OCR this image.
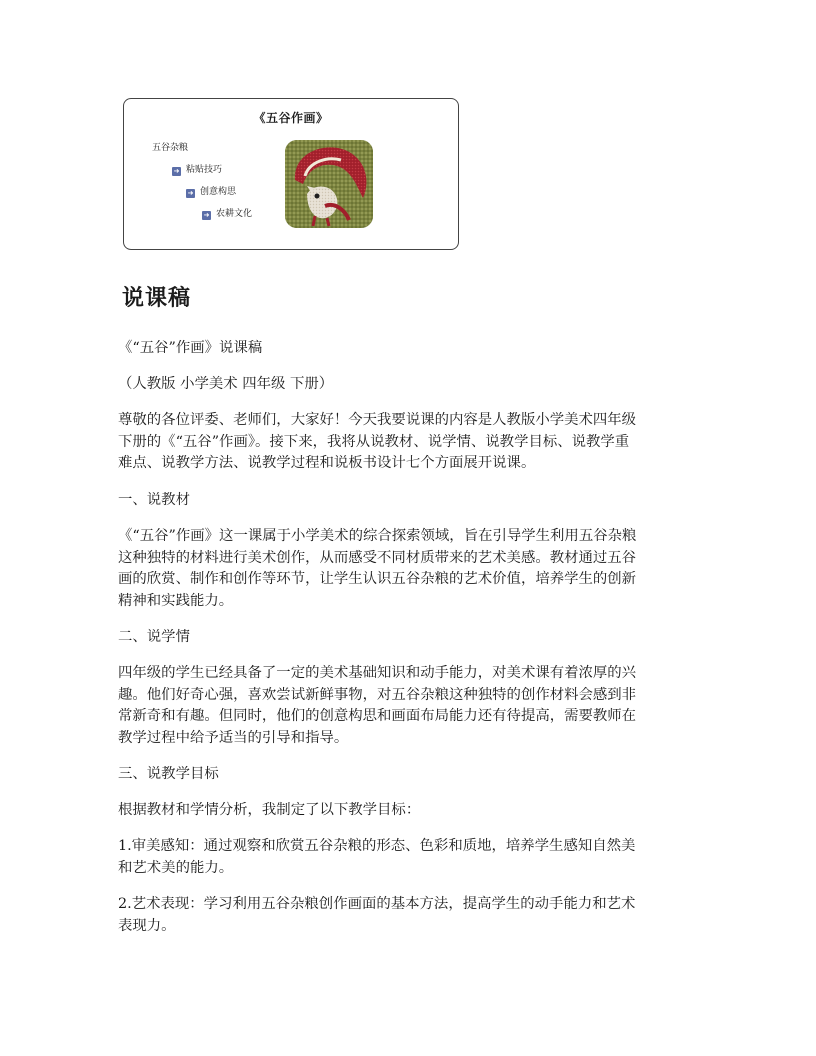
《五谷作画》
五谷杂粮
➜ 粘贴技巧
➜ 创意构思
➜ 农耕文化
说课稿

《“五谷”作画》说课稿

（人教版 小学美术 四年级 下册）

尊敬的各位评委、老师们，大家好！今天我要说课的内容是人教版小学美术四年级

下册的《“五谷”作画》。接下来，我将从说教材、说学情、说教学目标、说教学重

难点、说教学方法、说教学过程和说板书设计七个方面展开说课。

一、说教材

《“五谷”作画》这一课属于小学美术的综合探索领域，旨在引导学生利用五谷杂粮

这种独特的材料进行美术创作，从而感受不同材质带来的艺术美感。教材通过五谷

画的欣赏、制作和创作等环节，让学生认识五谷杂粮的艺术价值，培养学生的创新

精神和实践能力。

二、说学情

四年级的学生已经具备了一定的美术基础知识和动手能力，对美术课有着浓厚的兴

趣。他们好奇心强，喜欢尝试新鲜事物，对五谷杂粮这种独特的创作材料会感到非

常新奇和有趣。但同时，他们的创意构思和画面布局能力还有待提高，需要教师在

教学过程中给予适当的引导和指导。

三、说教学目标

根据教材和学情分析，我制定了以下教学目标：

1.审美感知：通过观察和欣赏五谷杂粮的形态、色彩和质地，培养学生感知自然美

和艺术美的能力。

2.艺术表现：学习利用五谷杂粮创作画面的基本方法，提高学生的动手能力和艺术

表现力。
